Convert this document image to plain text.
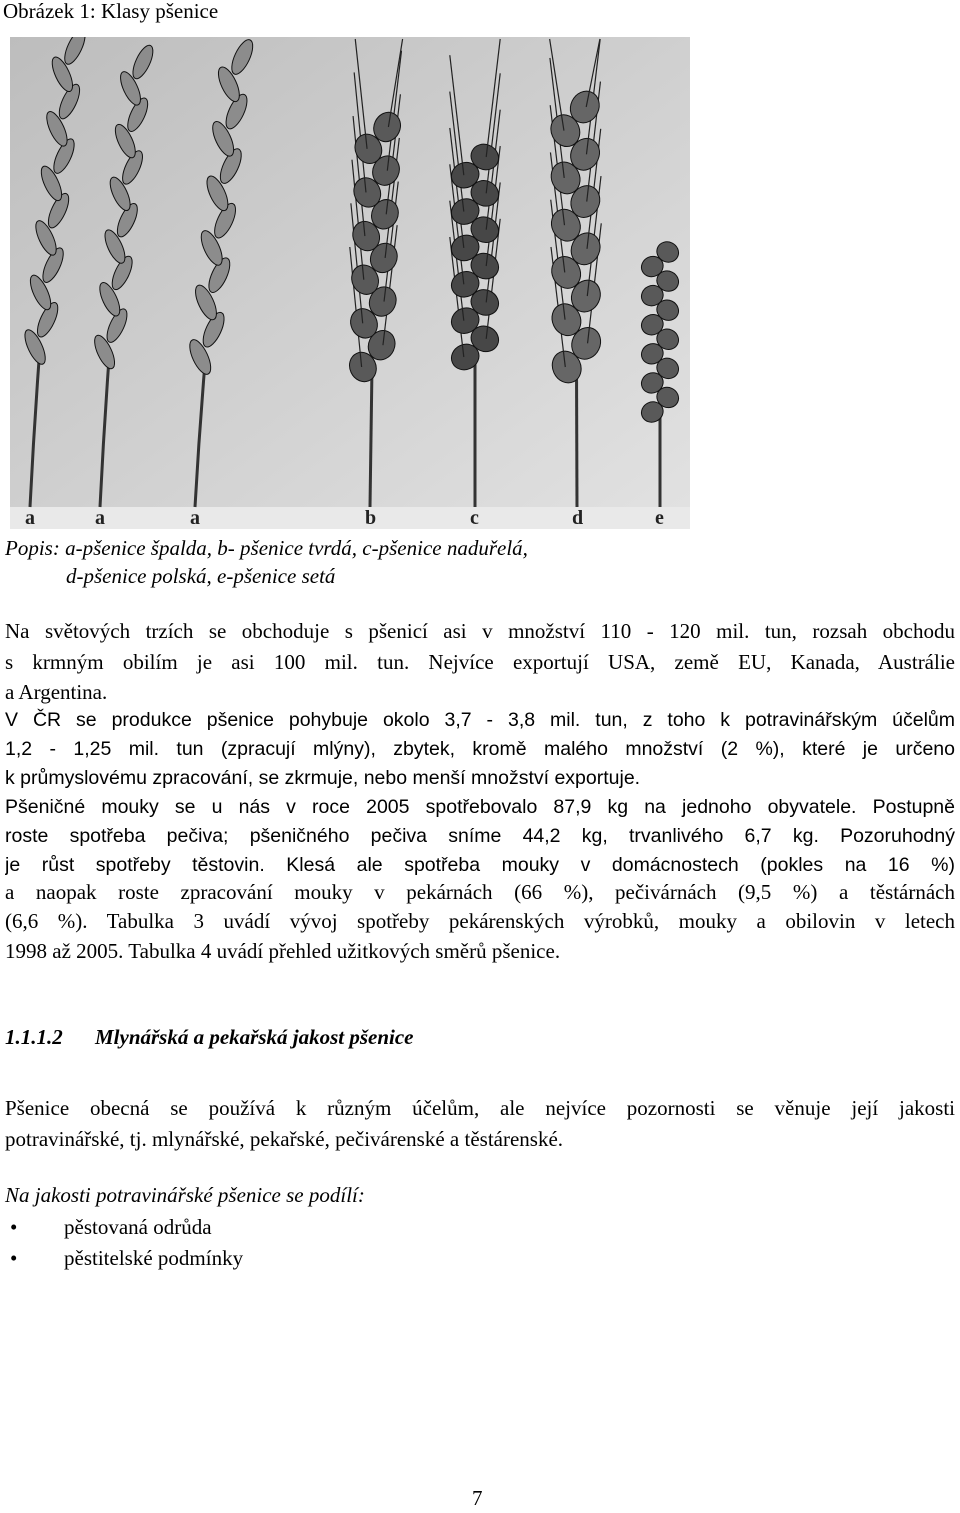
Obrázek 1: Klasy pšenice
a	a	a	b	c	d	e
Popis: a-pšenice špalda, b- pšenice tvrdá, c-pšenice naduřelá,
d-pšenice polská, e-pšenice setá
Na světových trzích se obchoduje s pšenicí asi v množství 110 - 120 mil. tun, rozsah obchodu
s krmným obilím je asi 100 mil. tun. Nejvíce exportují USA, země EU, Kanada, Austrálie
a Argentina.
V ČR se produkce pšenice pohybuje okolo 3,7 - 3,8 mil. tun, z toho k potravinářským účelům
1,2 - 1,25 mil. tun (zpracují mlýny), zbytek, kromě malého množství (2 %), které je určeno
k průmyslovému zpracování, se zkrmuje, nebo menší množství exportuje.
Pšeničné mouky se u nás v roce 2005 spotřebovalo 87,9 kg na jednoho obyvatele. Postupně
roste spotřeba pečiva; pšeničného pečiva sníme 44,2 kg, trvanlivého 6,7 kg. Pozoruhodný
je růst spotřeby těstovin. Klesá ale spotřeba mouky v domácnostech (pokles na 16 %)
a naopak roste zpracování mouky v pekárnách (66 %), pečivárnách (9,5 %) a těstárnách
(6,6 %). Tabulka 3 uvádí vývoj spotřeby pekárenských výrobků, mouky a obilovin v letech
1998 až 2005. Tabulka 4 uvádí přehled užitkových směrů pšenice.
1.1.1.2 Mlynářská a pekařská jakost pšenice
Pšenice obecná se používá k různým účelům, ale nejvíce pozornosti se věnuje její jakosti
potravinářské, tj. mlynářské, pekařské, pečivárenské a těstárenské.
Na jakosti potravinářské pšenice se podílí:
• pěstovaná odrůda
• pěstitelské podmínky
7
